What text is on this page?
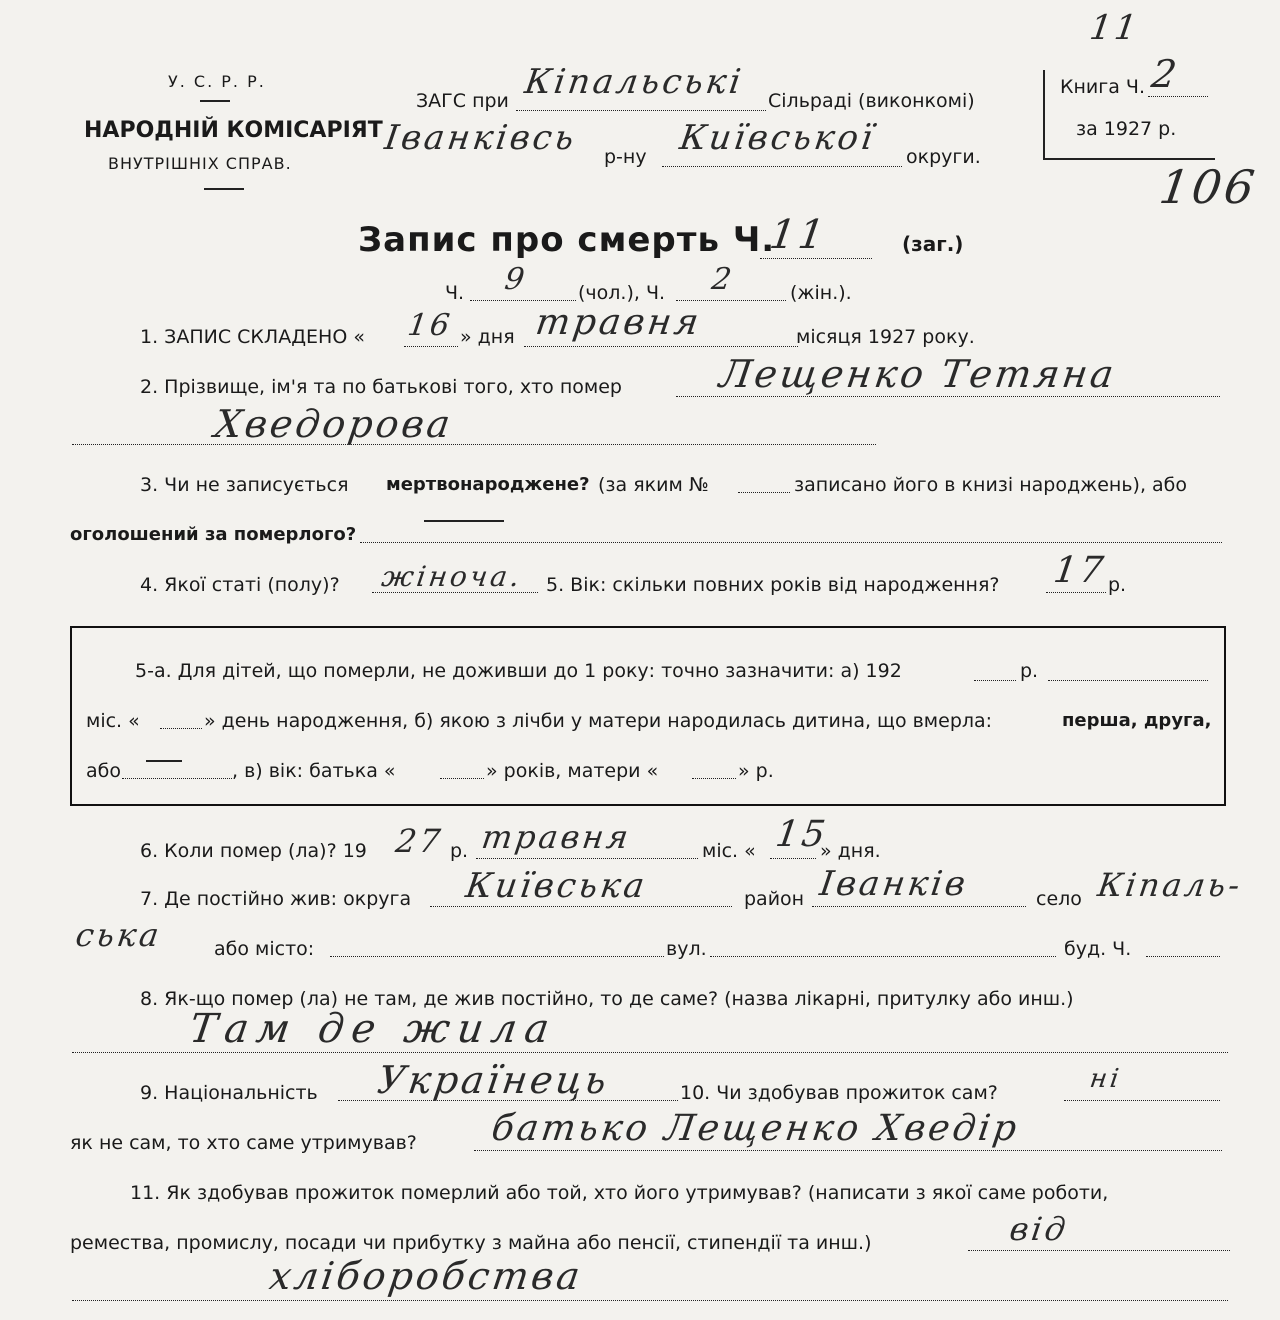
11
106
У. С. Р. Р.
НАРОДНІЙ КОМІСАРІЯТ
ВНУТРІШНІХ СПРАВ.
ЗАГС при Кіпальські Сільраді (виконкомі)
Іванківсь р-ну Київської округи.
Книга Ч. 2
за 1927 р.
Запис про смерть Ч.
11	(заг.)
Ч. 9	(чол.), Ч. 2	(жін.).
1. ЗАПИС СКЛАДЕНО « 16 » дня травня	місяця 1927 року.
2. Прізвище, ім'я та по батькові того, хто помер Лещенко Тетяна
Хведорова
3. Чи не записується мертвонароджене? (за яким №	записано його в книзі народжень), або
оголошений за померлого?
4. Якої статі (полу)? жіноча. 5. Вік: скільки повних років від народження? 17 р.
5-а. Для дітей, що померли, не доживши до 1 року: точно зазначити: а) 192	р.
міс. «	» день народження, б) якою з лічби у матери народилась дитина, що вмерла:	перша, друга,
або	, в) вік: батька «	» років, матери «	» р.
6. Коли помер (ла)? 19 27 р. травня	міс. « 15
» дня.
7. Де постійно жив: округа Київська	район Іванків	село Кіпаль-
ська	або місто:	вул.	буд. Ч.
8. Як-що помер (ла) не там, де жив постійно, то де саме? (назва лікарні, притулку або инш.)
Там де жила
9. Національність Українець	10. Чи здобував прожиток сам?	ні
як не сам, то хто саме утримував? батько Лещенко Хведір
11. Як здобував прожиток померлий або той, хто його утримував? (написати з якої саме роботи,
ремества, промислу, посади чи прибутку з майна або пенсії, стипендії та инш.)	від
хліборобства
